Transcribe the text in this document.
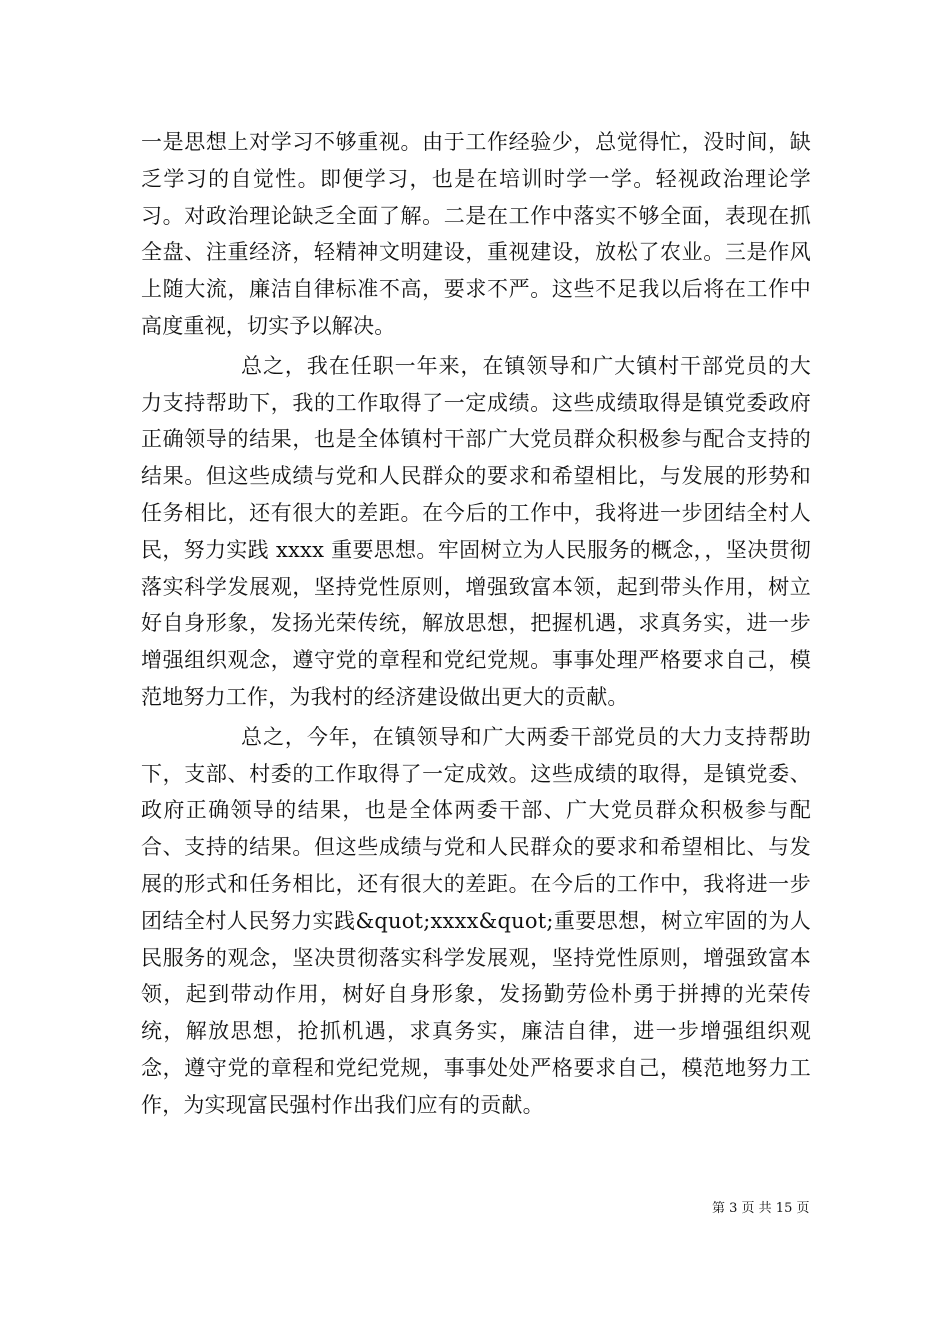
一是思想上对学习不够重视。由于工作经验少，总觉得忙，没时间，缺乏学习的自觉性。即便学习，也是在培训时学一学。轻视政治理论学习。对政治理论缺乏全面了解。二是在工作中落实不够全面，表现在抓全盘、注重经济，轻精神文明建设，重视建设，放松了农业。三是作风上随大流，廉洁自律标准不高，要求不严。这些不足我以后将在工作中高度重视，切实予以解决。

总之，我在任职一年来，在镇领导和广大镇村干部党员的大力支持帮助下，我的工作取得了一定成绩。这些成绩取得是镇党委政府正确领导的结果，也是全体镇村干部广大党员群众积极参与配合支持的结果。但这些成绩与党和人民群众的要求和希望相比，与发展的形势和任务相比，还有很大的差距。在今后的工作中，我将进一步团结全村人民，努力实践 xxxx 重要思想。牢固树立为人民服务的概念，，坚决贯彻落实科学发展观，坚持党性原则，增强致富本领，起到带头作用，树立好自身形象，发扬光荣传统，解放思想，把握机遇，求真务实，进一步增强组织观念，遵守党的章程和党纪党规。事事处理严格要求自己，模范地努力工作，为我村的经济建设做出更大的贡献。

总之，今年，在镇领导和广大两委干部党员的大力支持帮助下，支部、村委的工作取得了一定成效。这些成绩的取得，是镇党委、政府正确领导的结果，也是全体两委干部、广大党员群众积极参与配合、支持的结果。但这些成绩与党和人民群众的要求和希望相比、与发展的形式和任务相比，还有很大的差距。在今后的工作中，我将进一步团结全村人民努力实践&quot;xxxx&quot;重要思想，树立牢固的为人民服务的观念，坚决贯彻落实科学发展观，坚持党性原则，增强致富本领，起到带动作用，树好自身形象，发扬勤劳俭朴勇于拼搏的光荣传统，解放思想，抢抓机遇，求真务实，廉洁自律，进一步增强组织观念，遵守党的章程和党纪党规，事事处处严格要求自己，模范地努力工作，为实现富民强村作出我们应有的贡献。

第 3 页 共 15 页
